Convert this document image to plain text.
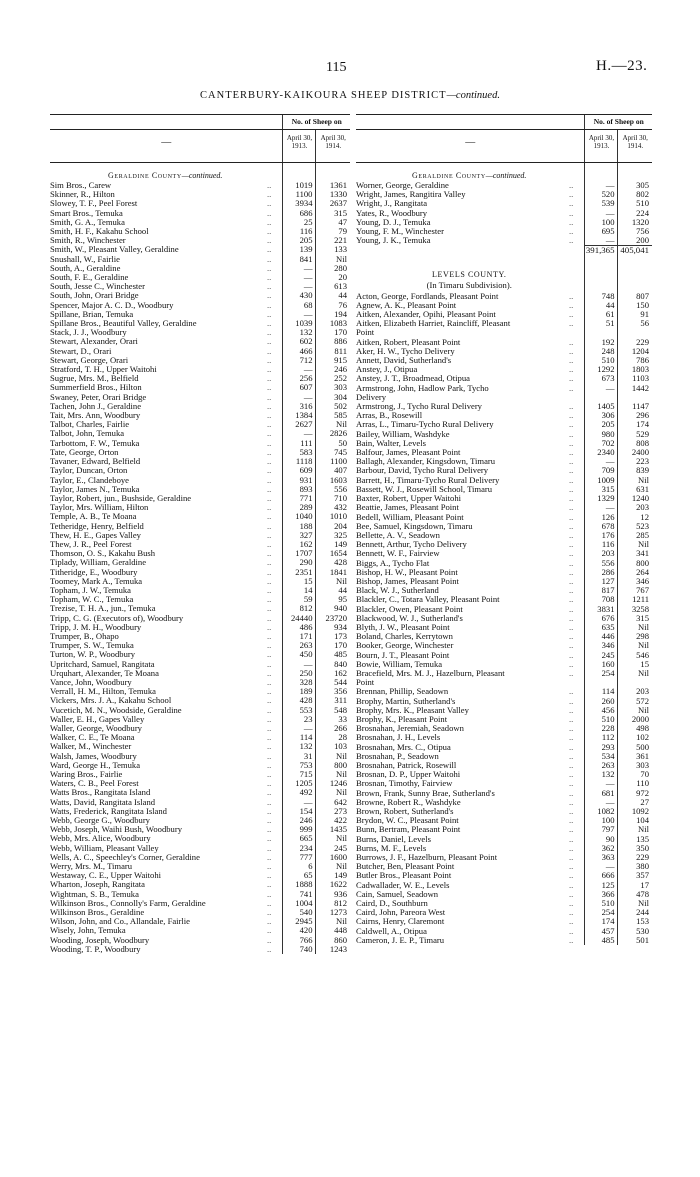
115	H.—23.
CANTERBURY-KAIKOURA SHEEP DISTRICT—continued.
		No. of Sheep on	
—		April 30, 1913.	April 30, 1914.
Geraldine County—continued.			
Sim Bros., Carew	..	1019	1361
Skinner, R., Hilton	..	1100	1330
Slowey, T. F., Peel Forest	..	3934	2637
Smart Bros., Temuka	..	686	315
Smith, G. A., Temuka	..	25	47
Smith, H. F., Kakahu School	..	116	79
Smith, R., Winchester	..	205	221
Smith, W., Pleasant Valley, Geraldine	..	139	133
Snushall, W., Fairlie	..	841	Nil
South, A., Geraldine	..	—	280
South, F. E., Geraldine	..	—	20
South, Jesse C., Winchester	..	—	613
South, John, Orari Bridge	..	430	44
Spencer, Major A. C. D., Woodbury	..	68	76
Spillane, Brian, Temuka	..	—	194
Spillane Bros., Beautiful Valley, Geraldine	..	1039	1083
Stack, J. J., Woodbury	..	132	170
Stewart, Alexander, Orari	..	602	886
Stewart, D., Orari	..	466	811
Stewart, George, Orari	..	712	915
Stratford, T. H., Upper Waitohi	..	—	246
Sugrue, Mrs. M., Belfield	..	256	252
Summerfield Bros., Hilton	..	607	303
Swaney, Peter, Orari Bridge	..	—	304
Tachen, John J., Geraldine	..	316	502
Tait, Mrs. Ann, Woodbury	..	1384	585
Talbot, Charles, Fairlie	..	2627	Nil
Talbot, John, Temuka	..	—	2826
Tarbottom, F. W., Temuka	..	111	50
Tate, George, Orton	..	583	745
Tavaner, Edward, Belfield	..	1118	1100
Taylor, Duncan, Orton	..	609	407
Taylor, E., Clandeboye	..	931	1603
Taylor, James N., Temuka	..	893	556
Taylor, Robert, jun., Bushside, Geraldine	..	771	710
Taylor, Mrs. William, Hilton	..	289	432
Temple, A. B., Te Moana	..	1040	1010
Tetheridge, Henry, Belfield	..	188	204
Thew, H. E., Gapes Valley	..	327	325
Thew, J. R., Peel Forest	..	162	149
Thomson, O. S., Kakahu Bush	..	1707	1654
Tiplady, William, Geraldine	..	290	428
Titheridge, E., Woodbury	..	2351	1841
Toomey, Mark A., Temuka	..	15	Nil
Topham, J. W., Temuka	..	14	44
Topham, W. C., Temuka	..	59	95
Trezise, T. H. A., jun., Temuka	..	812	940
Tripp, C. G. (Executors of), Woodbury	..	24440	23720
Tripp, J. M. H., Woodbury	..	486	934
Trumper, B., Ohapo	..	171	173
Trumper, S. W., Temuka	..	263	170
Turton, W. P., Woodbury	..	450	485
Upritchard, Samuel, Rangitata	..	—	840
Urquhart, Alexander, Te Moana	..	250	162
Vance, John, Woodbury	..	328	544
Verrall, H. M., Hilton, Temuka	..	189	356
Vickers, Mrs. J. A., Kakahu School	..	428	311
Vucetich, M. N., Woodside, Geraldine	..	553	548
Waller, E. H., Gapes Valley	..	23	33
Waller, George, Woodbury	..	—	266
Walker, C. E., Te Moana	..	114	28
Walker, M., Winchester	..	132	103
Walsh, James, Woodbury	..	31	Nil
Ward, George H., Temuka	..	753	800
Waring Bros., Fairlie	..	715	Nil
Waters, C. B., Peel Forest	..	1205	1246
Watts Bros., Rangitata Island	..	492	Nil
Watts, David, Rangitata Island	..	—	642
Watts, Frederick, Rangitata Island	..	154	273
Webb, George G., Woodbury	..	246	422
Webb, Joseph, Waihi Bush, Woodbury	..	999	1435
Webb, Mrs. Alice, Woodbury	..	665	Nil
Webb, William, Pleasant Valley	..	234	245
Wells, A. C., Speechley's Corner, Geraldine	..	777	1600
Werry, Mrs. M., Timaru	..	6	Nil
Westaway, C. E., Upper Waitohi	..	65	149
Wharton, Joseph, Rangitata	..	1888	1622
Wightman, S. B., Temuka	..	741	936
Wilkinson Bros., Connolly's Farm, Geraldine	..	1004	812
Wilkinson Bros., Geraldine	..	540	1273
Wilson, John, and Co., Allandale, Fairlie	..	2945	Nil
Wisely, John, Temuka	..	420	448
Wooding, Joseph, Woodbury	..	766	860
Wooding, T. P., Woodbury	..	740	1243
		No. of Sheep on	
—		April 30, 1913.	April 30, 1914.
Geraldine County—continued.			
Worner, George, Geraldine	..	—	305
Wright, James, Rangitira Valley	..	520	802
Wright, J., Rangitata	..	539	510
Yates, R., Woodbury	..	—	224
Young, D. J., Temuka	..	100	1320
Young, F. M., Winchester	..	695	756
Young, J. K., Temuka	..	—	200
		391,365	405,041
LEVELS COUNTY.			
(In Timaru Subdivision).			
Acton, George, Fordlands, Pleasant Point	..	748	807
Agnew, A. K., Pleasant Point	..	44	150
Aitken, Alexander, Opihi, Pleasant Point	..	61	91
Aitken, Elizabeth Harriet, Raincliff, Pleasant	..	51	56
Point			
Aitken, Robert, Pleasant Point	..	192	229
Aker, H. W., Tycho Delivery	..	248	1204
Annett, David, Sutherland's	..	510	786
Anstey, J., Otipua	..	1292	1803
Anstey, J. T., Broadmead, Otipua	..	673	1103
Armstrong, John, Hadlow Park, Tycho	..	—	1442
Delivery			
Armstrong, J., Tycho Rural Delivery	..	1405	1147
Arras, B., Rosewill	..	306	296
Arras, L., Timaru-Tycho Rural Delivery	..	205	174
Bailey, William, Washdyke	..	980	529
Bain, Walter, Levels	..	702	808
Balfour, James, Pleasant Point	..	2340	2400
Ballagh, Alexander, Kingsdown, Timaru	..	—	223
Barbour, David, Tycho Rural Delivery	..	709	839
Barrett, H., Timaru-Tycho Rural Delivery	..	1009	Nil
Bassett, W. J., Rosewill School, Timaru	..	315	631
Baxter, Robert, Upper Waitohi	..	1329	1240
Beattie, James, Pleasant Point	..	—	203
Bedell, William, Pleasant Point	..	126	12
Bee, Samuel, Kingsdown, Timaru	..	678	523
Bellette, A. V., Seadown	..	176	285
Bennett, Arthur, Tycho Delivery	..	116	Nil
Bennett, W. F., Fairview	..	203	341
Biggs, A., Tycho Flat	..	556	800
Bishop, H. W., Pleasant Point	..	286	264
Bishop, James, Pleasant Point	..	127	346
Black, W. J., Sutherland	..	817	767
Blackler, C., Totara Valley, Pleasant Point	..	708	1211
Blackler, Owen, Pleasant Point	..	3831	3258
Blackwood, W. J., Sutherland's	..	676	315
Blyth, J. W., Pleasant Point	..	635	Nil
Boland, Charles, Kerrytown	..	446	298
Booker, George, Winchester	..	346	Nil
Bourn, J. T., Pleasant Point	..	245	546
Bowie, William, Temuka	..	160	15
Bracefield, Mrs. M. J., Hazelburn, Pleasant	..	254	Nil
Point			
Brennan, Phillip, Seadown	..	114	203
Brophy, Martin, Sutherland's	..	260	572
Brophy, Mrs. K., Pleasant Valley	..	456	Nil
Brophy, K., Pleasant Point	..	510	2000
Brosnahan, Jeremiah, Seadown	..	228	498
Brosnahan, J. H., Levels	..	112	102
Brosnahan, Mrs. C., Otipua	..	293	500
Brosnahan, P., Seadown	..	534	361
Brosnahan, Patrick, Rosewill	..	263	303
Brosnan, D. P., Upper Waitohi	..	132	70
Brosnan, Timothy, Fairview	..	—	110
Brown, Frank, Sunny Brae, Sutherland's	..	681	972
Browne, Robert R., Washdyke	..	—	27
Brown, Robert, Sutherland's	..	1082	1092
Brydon, W. C., Pleasant Point	..	100	104
Bunn, Bertram, Pleasant Point	..	797	Nil
Burns, Daniel, Levels	..	90	135
Burns, M. F., Levels	..	362	350
Burrows, J. F., Hazelburn, Pleasant Point	..	363	229
Butcher, Ben, Pleasant Point	..	—	380
Butler Bros., Pleasant Point	..	666	357
Cadwallader, W. E., Levels	..	125	17
Cain, Samuel, Seadown	..	366	478
Caird, D., Southburn	..	510	Nil
Caird, John, Pareora West	..	254	244
Cairns, Henry, Claremont	..	174	153
Caldwell, A., Otipua	..	457	530
Cameron, J. E. P., Timaru	..	485	501
